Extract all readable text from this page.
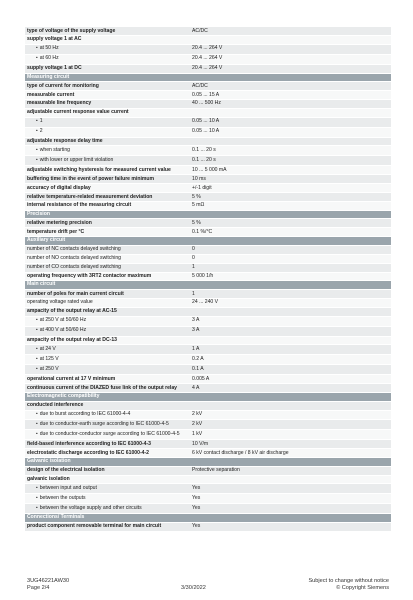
type of voltage of the supply voltage	AC/DC
supply voltage 1 at AC
• at 50 Hz	20.4 ... 264 V
• at 60 Hz	20.4 ... 264 V
supply voltage 1 at DC	20.4 ... 264 V
Measuring circuit
type of current for monitoring	AC/DC
measurable current	0.05 ... 15 A
measurable line frequency	40 ... 500 Hz
adjustable current response value current
• 1	0.05 ... 10 A
• 2	0.05 ... 10 A
adjustable response delay time
• when starting	0.1 ... 20 s
• with lower or upper limit violation	0.1 ... 20 s
adjustable switching hysteresis for measured current value	10 ... 5 000 mA
buffering time in the event of power failure minimum	10 ms
accuracy of digital display	+/-1 digit
relative temperature-related measurement deviation	5 %
internal resistance of the measuring circuit	5 mΩ
Precision
relative metering precision	5 %
temperature drift per °C	0.1 %/°C
Auxiliary circuit
number of NC contacts delayed switching	0
number of NO contacts delayed switching	0
number of CO contacts delayed switching	1
operating frequency with 3RT2 contactor maximum	5 000 1/h
Main circuit
number of poles for main current circuit	1
operating voltage rated value	24 ... 240 V
ampacity of the output relay at AC-15
• at 250 V at 50/60 Hz	3 A
• at 400 V at 50/60 Hz	3 A
ampacity of the output relay at DC-13
• at 24 V	1 A
• at 125 V	0.2 A
• at 250 V	0.1 A
operational current at 17 V minimum	0.005 A
continuous current of the DIAZED fuse link of the output relay	4 A
Electromagnetic compatibility
conducted interference
• due to burst according to IEC 61000-4-4	2 kV
• due to conductor-earth surge according to IEC 61000-4-5	2 kV
• due to conductor-conductor surge according to IEC 61000-4-5	1 kV
field-based interference according to IEC 61000-4-3	10 V/m
electrostatic discharge according to IEC 61000-4-2	6 kV contact discharge / 8 kV air discharge
Galvanic isolation
design of the electrical isolation	Protective separation
galvanic isolation
• between input and output	Yes
• between the outputs	Yes
• between the voltage supply and other circuits	Yes
Connections/ Terminals
product component removable terminal for main circuit	Yes
3UG46221AW30
Page 2/4	3/30/2022
Subject to change without notice
© Copyright Siemens
